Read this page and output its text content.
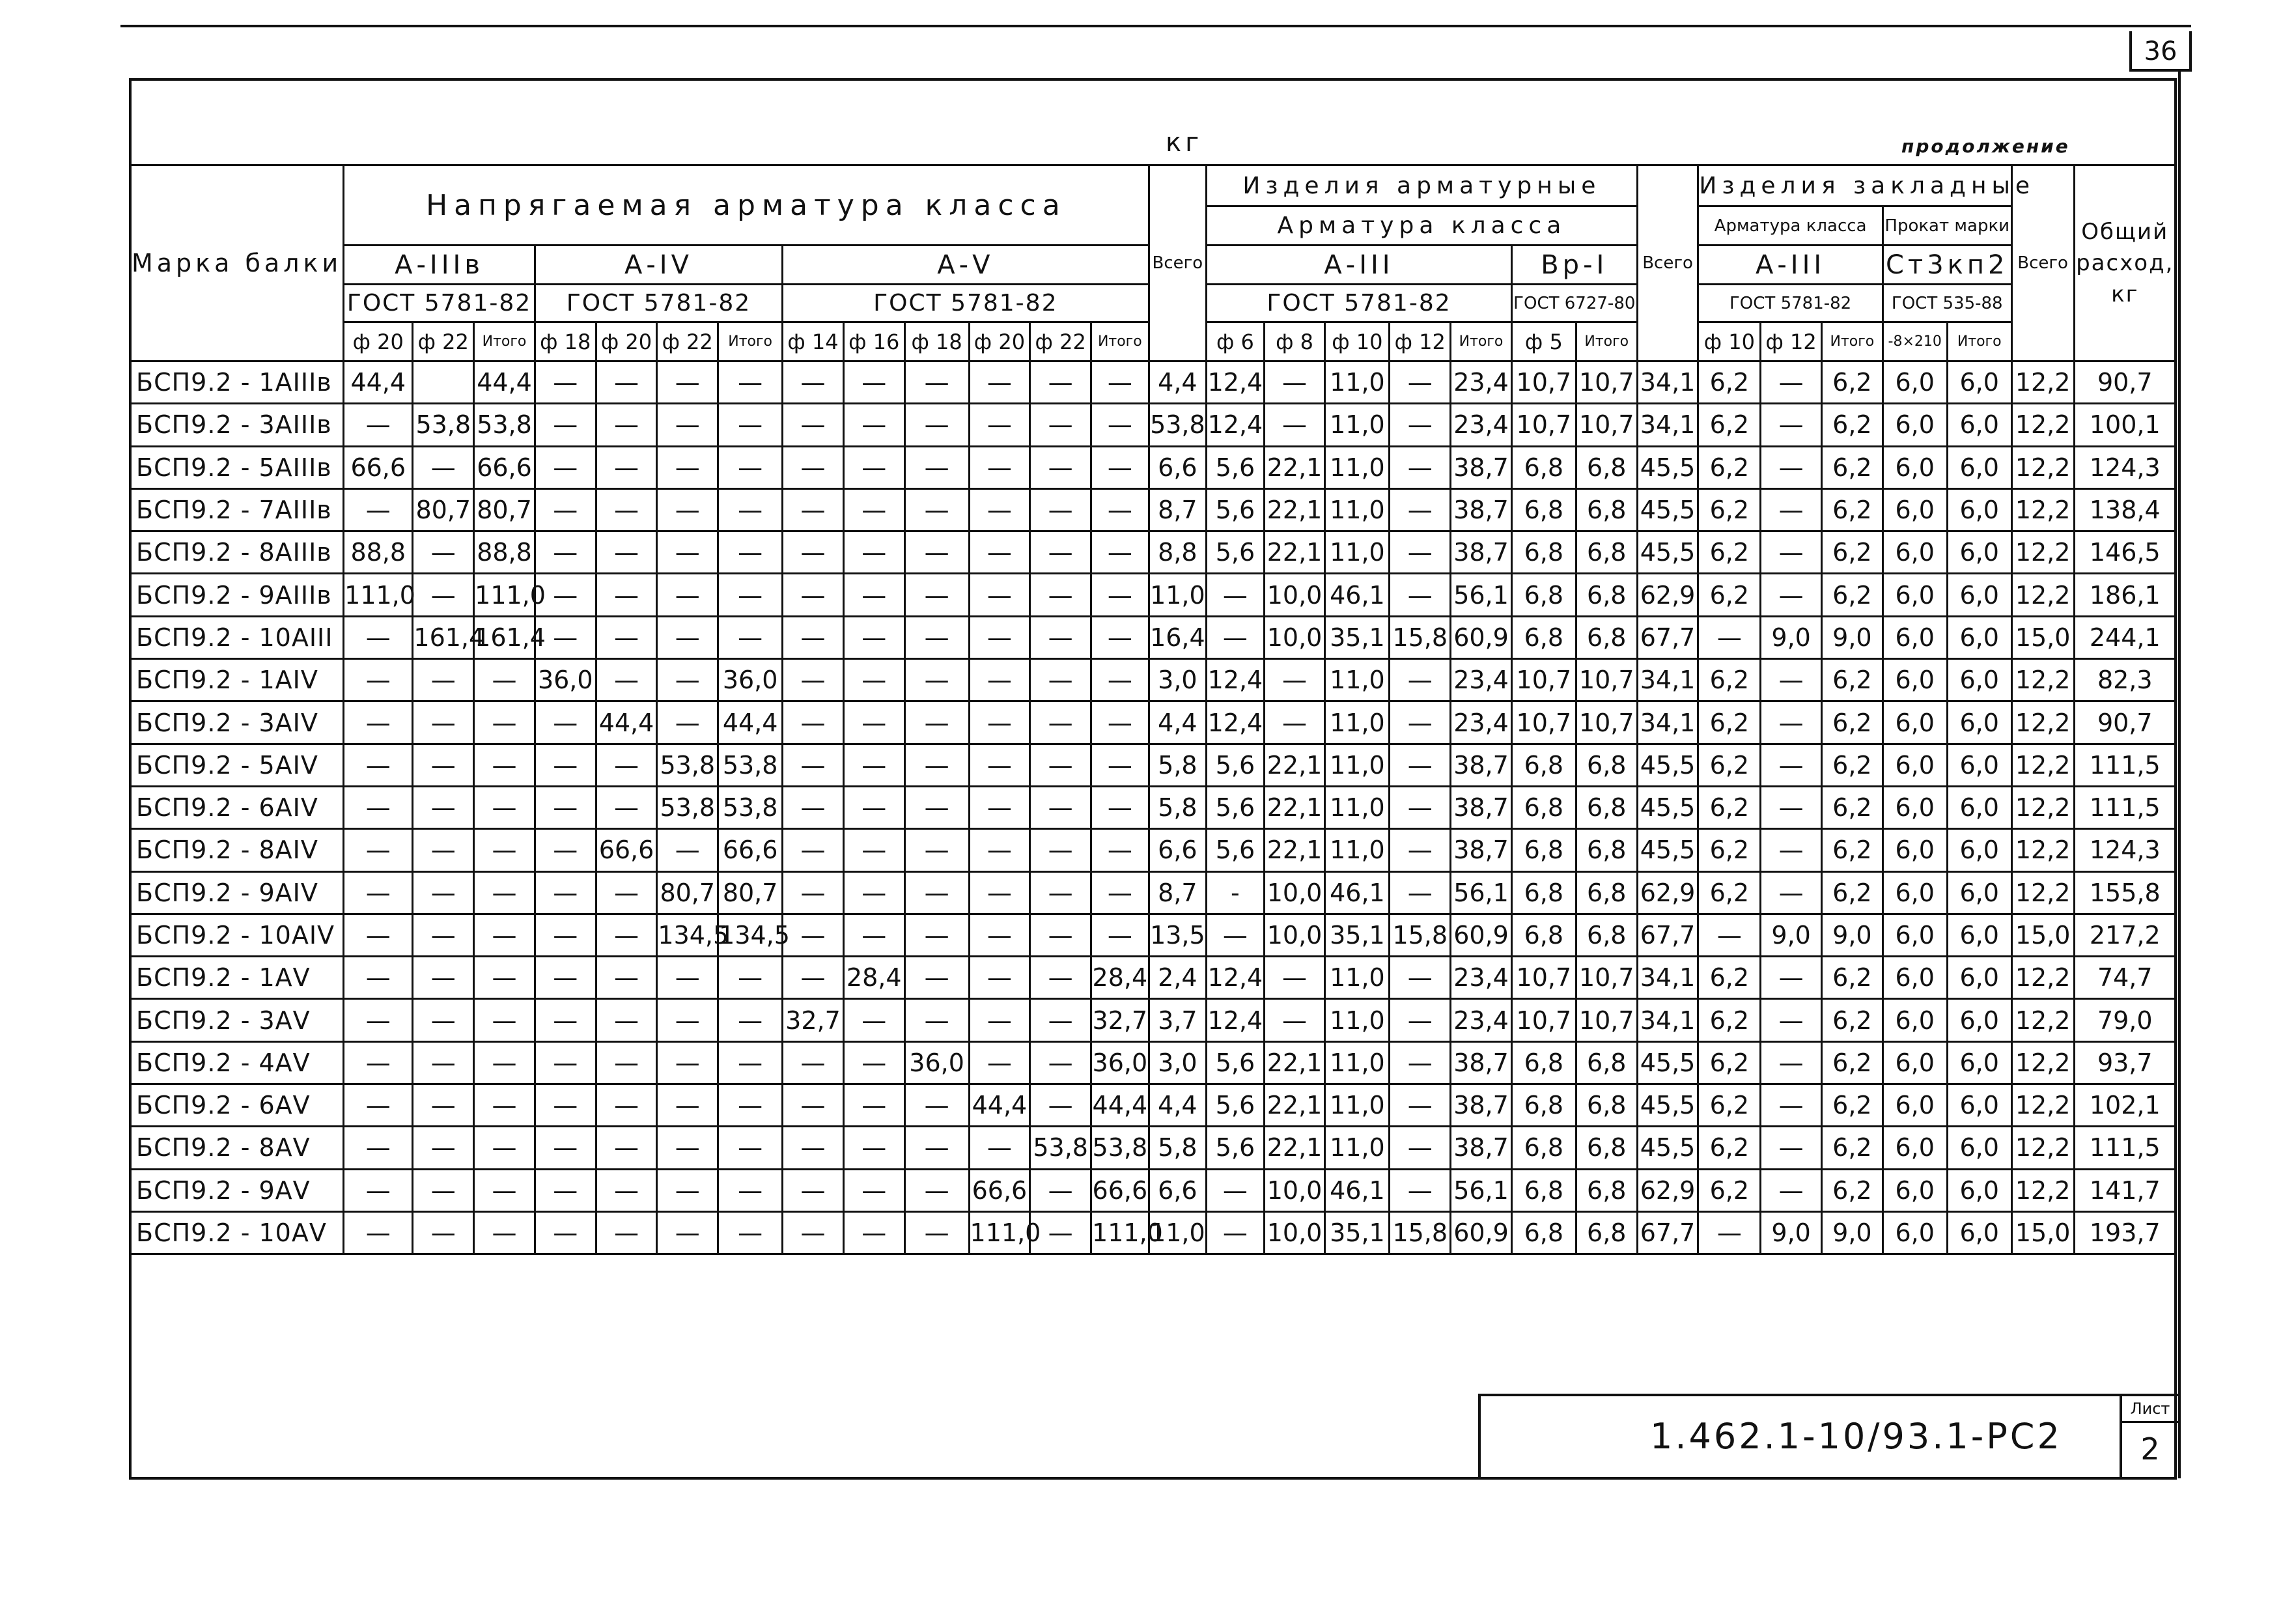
36
кг	продолжение
Марка балки	Напрягаемая арматура класса													Всего	Изделия арматурные							Всего	Изделия закладные					Всего	Общий расход, кг
															Арматура класса								Арматура класса			Прокат марки			
	А-IIIв			А-IV				А-V							А-III					Вр-I			А-III			Ст3кп2			
	ГОСТ 5781-82			ГОСТ 5781-82				ГОСТ 5781-82							ГОСТ 5781-82					ГОСТ 6727-80			ГОСТ 5781-82			ГОСТ 535-88			
	ф 20	ф 22	Итого	ф 18	ф 20	ф 22	Итого	ф 14	ф 16	ф 18	ф 20	ф 22	Итого		ф 6	ф 8	ф 10	ф 12	Итого	ф 5	Итого		ф 10	ф 12	Итого	-8×210	Итого		
БСП9.2 - 1АIIIв	44,4		44,4	—	—	—	—	—	—	—	—	—	—	4,4	12,4	—	11,0	—	23,4	10,7	10,7	34,1	6,2	—	6,2	6,0	6,0	12,2	90,7
БСП9.2 - 3АIIIв	—	53,8	53,8	—	—	—	—	—	—	—	—	—	—	53,8	12,4	—	11,0	—	23,4	10,7	10,7	34,1	6,2	—	6,2	6,0	6,0	12,2	100,1
БСП9.2 - 5АIIIв	66,6	—	66,6	—	—	—	—	—	—	—	—	—	—	6,6	5,6	22,1	11,0	—	38,7	6,8	6,8	45,5	6,2	—	6,2	6,0	6,0	12,2	124,3
БСП9.2 - 7АIIIв	—	80,7	80,7	—	—	—	—	—	—	—	—	—	—	8,7	5,6	22,1	11,0	—	38,7	6,8	6,8	45,5	6,2	—	6,2	6,0	6,0	12,2	138,4
БСП9.2 - 8АIIIв	88,8	—	88,8	—	—	—	—	—	—	—	—	—	—	8,8	5,6	22,1	11,0	—	38,7	6,8	6,8	45,5	6,2	—	6,2	6,0	6,0	12,2	146,5
БСП9.2 - 9АIIIв	111,0	—	111,0	—	—	—	—	—	—	—	—	—	—	11,0	—	10,0	46,1	—	56,1	6,8	6,8	62,9	6,2	—	6,2	6,0	6,0	12,2	186,1
БСП9.2 - 10АIII	—	161,4	161,4	—	—	—	—	—	—	—	—	—	—	16,4	—	10,0	35,1	15,8	60,9	6,8	6,8	67,7	—	9,0	9,0	6,0	6,0	15,0	244,1
БСП9.2 - 1АIV	—	—	—	36,0	—	—	36,0	—	—	—	—	—	—	3,0	12,4	—	11,0	—	23,4	10,7	10,7	34,1	6,2	—	6,2	6,0	6,0	12,2	82,3
БСП9.2 - 3АIV	—	—	—	—	44,4	—	44,4	—	—	—	—	—	—	4,4	12,4	—	11,0	—	23,4	10,7	10,7	34,1	6,2	—	6,2	6,0	6,0	12,2	90,7
БСП9.2 - 5АIV	—	—	—	—	—	53,8	53,8	—	—	—	—	—	—	5,8	5,6	22,1	11,0	—	38,7	6,8	6,8	45,5	6,2	—	6,2	6,0	6,0	12,2	111,5
БСП9.2 - 6АIV	—	—	—	—	—	53,8	53,8	—	—	—	—	—	—	5,8	5,6	22,1	11,0	—	38,7	6,8	6,8	45,5	6,2	—	6,2	6,0	6,0	12,2	111,5
БСП9.2 - 8АIV	—	—	—	—	66,6	—	66,6	—	—	—	—	—	—	6,6	5,6	22,1	11,0	—	38,7	6,8	6,8	45,5	6,2	—	6,2	6,0	6,0	12,2	124,3
БСП9.2 - 9АIV	—	—	—	—	—	80,7	80,7	—	—	—	—	—	—	8,7	-	10,0	46,1	—	56,1	6,8	6,8	62,9	6,2	—	6,2	6,0	6,0	12,2	155,8
БСП9.2 - 10АIV	—	—	—	—	—	134,5	134,5	—	—	—	—	—	—	13,5	—	10,0	35,1	15,8	60,9	6,8	6,8	67,7	—	9,0	9,0	6,0	6,0	15,0	217,2
БСП9.2 - 1АV	—	—	—	—	—	—	—	—	28,4	—	—	—	28,4	2,4	12,4	—	11,0	—	23,4	10,7	10,7	34,1	6,2	—	6,2	6,0	6,0	12,2	74,7
БСП9.2 - 3АV	—	—	—	—	—	—	—	32,7	—	—	—	—	32,7	3,7	12,4	—	11,0	—	23,4	10,7	10,7	34,1	6,2	—	6,2	6,0	6,0	12,2	79,0
БСП9.2 - 4АV	—	—	—	—	—	—	—	—	—	36,0	—	—	36,0	3,0	5,6	22,1	11,0	—	38,7	6,8	6,8	45,5	6,2	—	6,2	6,0	6,0	12,2	93,7
БСП9.2 - 6АV	—	—	—	—	—	—	—	—	—	—	44,4	—	44,4	4,4	5,6	22,1	11,0	—	38,7	6,8	6,8	45,5	6,2	—	6,2	6,0	6,0	12,2	102,1
БСП9.2 - 8АV	—	—	—	—	—	—	—	—	—	—	—	53,8	53,8	5,8	5,6	22,1	11,0	—	38,7	6,8	6,8	45,5	6,2	—	6,2	6,0	6,0	12,2	111,5
БСП9.2 - 9АV	—	—	—	—	—	—	—	—	—	—	66,6	—	66,6	6,6	—	10,0	46,1	—	56,1	6,8	6,8	62,9	6,2	—	6,2	6,0	6,0	12,2	141,7
БСП9.2 - 10АV	—	—	—	—	—	—	—	—	—	—	111,0	—	111,0	11,0	—	10,0	35,1	15,8	60,9	6,8	6,8	67,7	—	9,0	9,0	6,0	6,0	15,0	193,7
1.462.1-10/93.1-РС2
Лист
2
